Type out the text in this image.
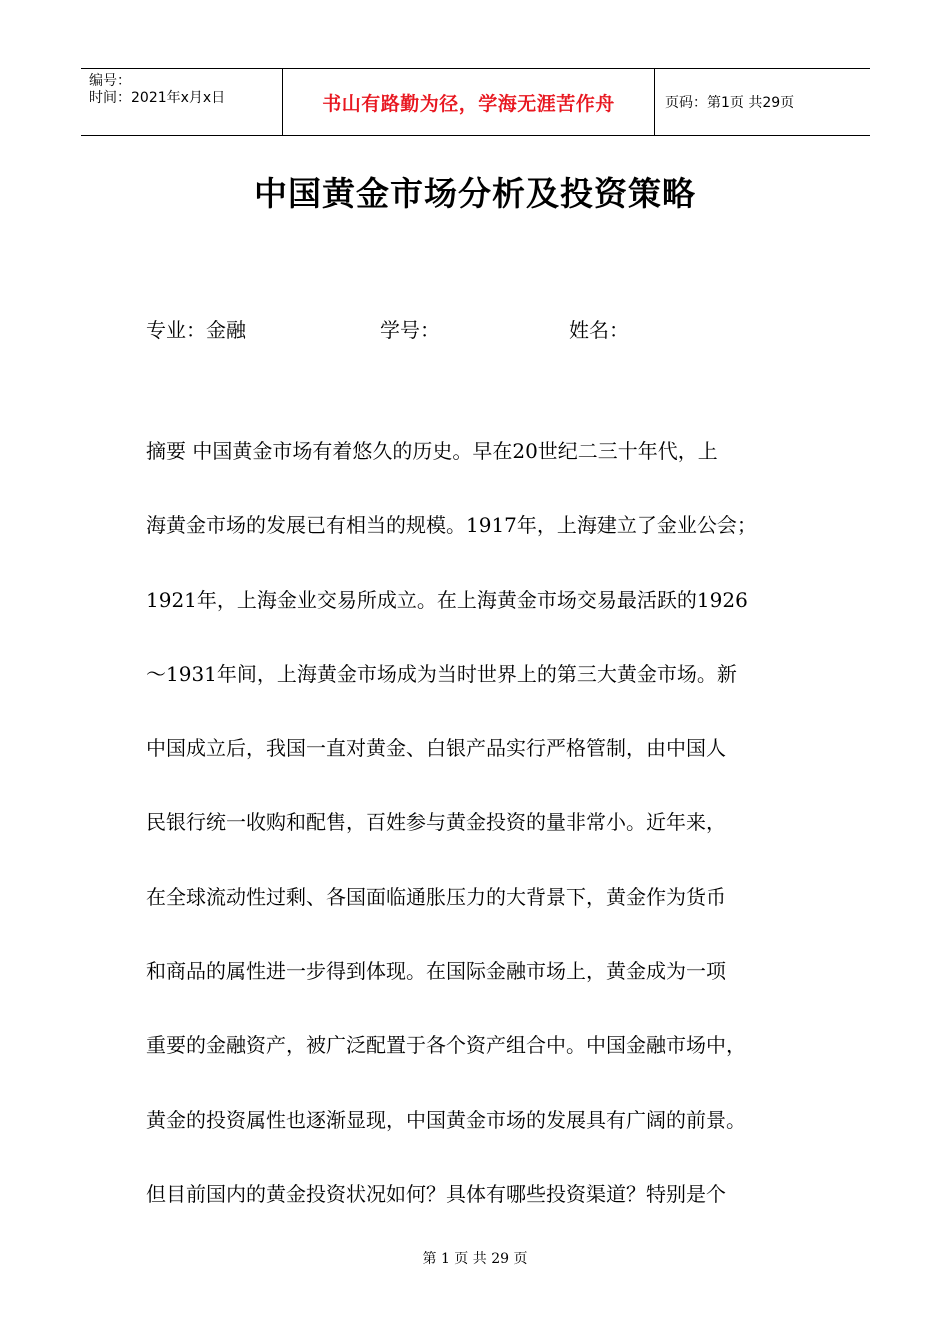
编号：
时间：2021年x月x日	书山有路勤为径，学海无涯苦作舟	页码：第1页 共29页
中国黄金市场分析及投资策略
专业：金融	学号：	姓名：
摘要 中国黄金市场有着悠久的历史。早在20世纪二三十年代，上
海黄金市场的发展已有相当的规模。1917年，上海建立了金业公会；
1921年，上海金业交易所成立。在上海黄金市场交易最活跃的1926
～1931年间，上海黄金市场成为当时世界上的第三大黄金市场。新
中国成立后，我国一直对黄金、白银产品实行严格管制，由中国人
民银行统一收购和配售，百姓参与黄金投资的量非常小。近年来，
在全球流动性过剩、各国面临通胀压力的大背景下，黄金作为货币
和商品的属性进一步得到体现。在国际金融市场上，黄金成为一项
重要的金融资产，被广泛配置于各个资产组合中。中国金融市场中，
黄金的投资属性也逐渐显现，中国黄金市场的发展具有广阔的前景。
但目前国内的黄金投资状况如何？具体有哪些投资渠道？特别是个
第 1 页 共 29 页
